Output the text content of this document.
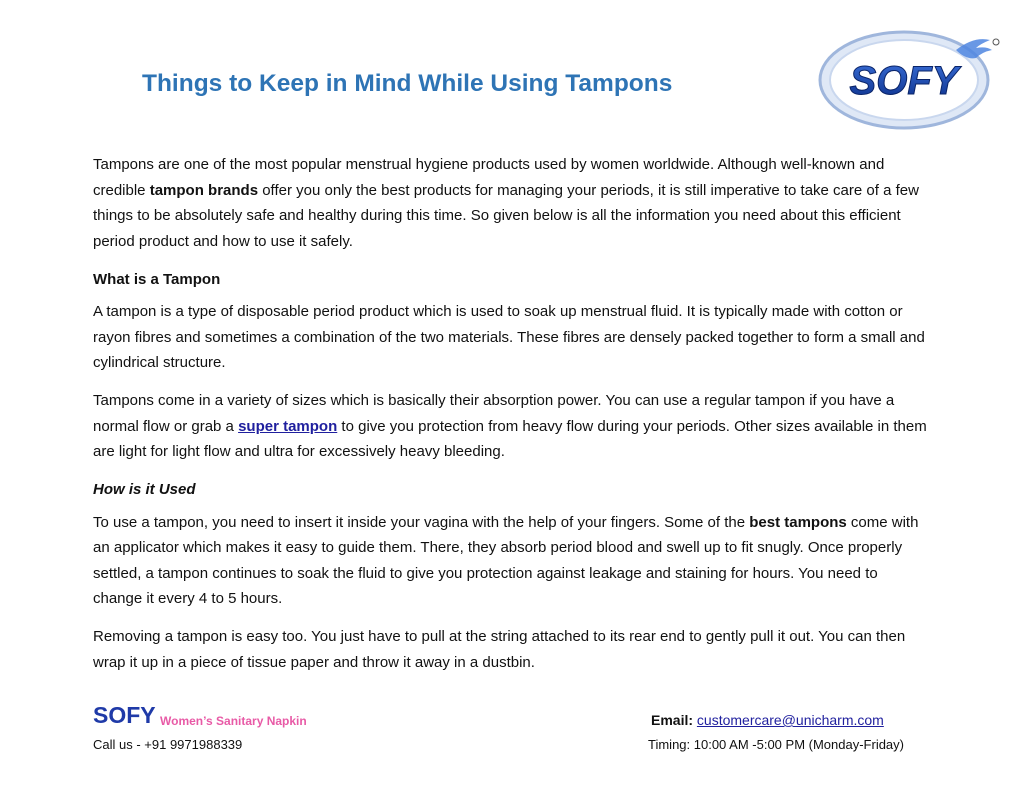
Things to Keep in Mind While Using Tampons	SOFY

Tampons are one of the most popular menstrual hygiene products used by women worldwide. Although well-known and credible tampon brands offer you only the best products for managing your periods, it is still imperative to take care of a few things to be absolutely safe and healthy during this time. So given below is all the information you need about this efficient period product and how to use it safely.

What is a Tampon

A tampon is a type of disposable period product which is used to soak up menstrual fluid. It is typically made with cotton or rayon fibres and sometimes a combination of the two materials. These fibres are densely packed together to form a small and cylindrical structure.

Tampons come in a variety of sizes which is basically their absorption power. You can use a regular tampon if you have a normal flow or grab a super tampon to give you protection from heavy flow during your periods. Other sizes available in them are light for light flow and ultra for excessively heavy bleeding.

How is it Used

To use a tampon, you need to insert it inside your vagina with the help of your fingers. Some of the best tampons come with an applicator which makes it easy to guide them. There, they absorb period blood and swell up to fit snugly. Once properly settled, a tampon continues to soak the fluid to give you protection against leakage and staining for hours. You need to change it every 4 to 5 hours.

Removing a tampon is easy too. You just have to pull at the string attached to its rear end to gently pull it out. You can then wrap it up in a piece of tissue paper and throw it away in a dustbin.

SOFY Women’s Sanitary Napkin	Email: customercare@unicharm.com
Call us - +91 9971988339	Timing: 10:00 AM -5:00 PM (Monday-Friday)
